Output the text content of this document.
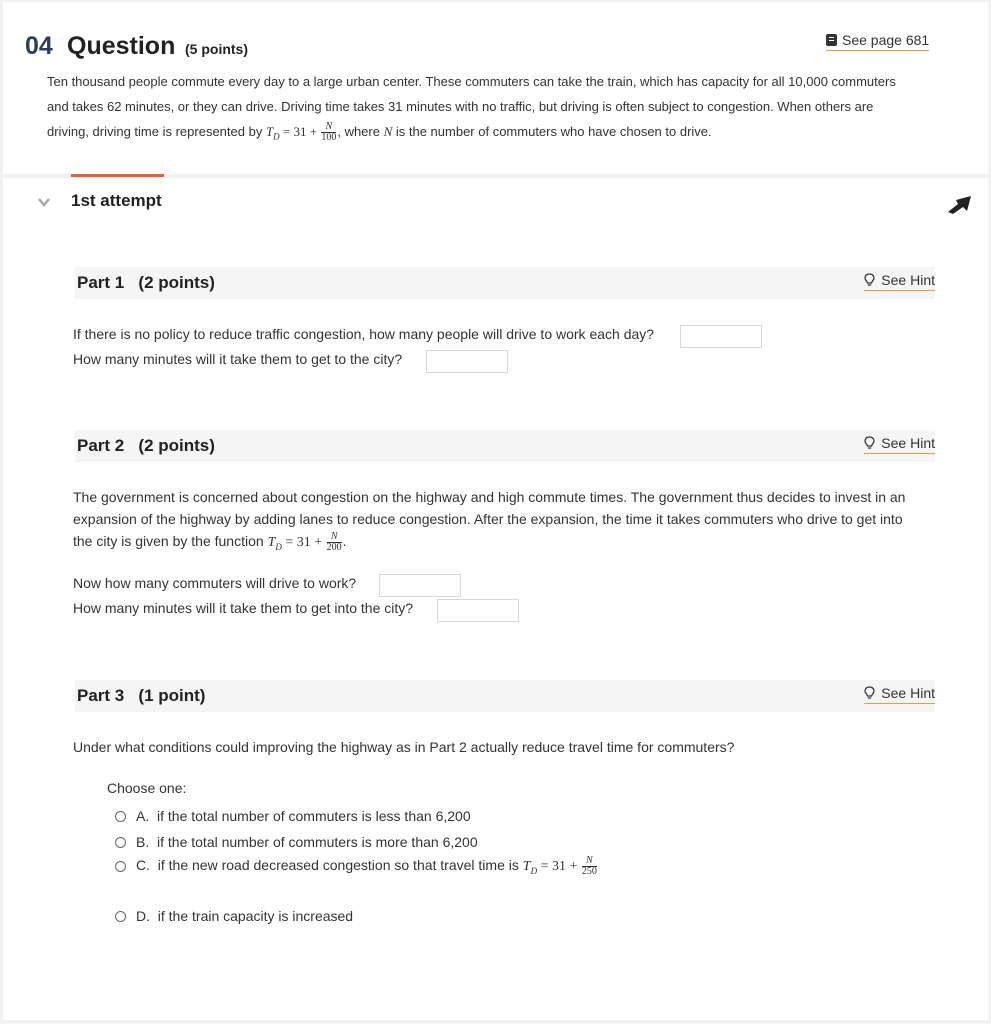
04 Question (5 points)
See page 681
Ten thousand people commute every day to a large urban center. These commuters can take the train, which has capacity for all 10,000 commuters
and takes 62 minutes, or they can drive. Driving time takes 31 minutes with no traffic, but driving is often subject to congestion. When others are
driving, driving time is represented by $T_D = 31 + \frac{N}{100}$ , where N is the number of commuters who have chosen to drive.
1st attempt
Part 1   (2 points)	See Hint
If there is no policy to reduce traffic congestion, how many people will drive to work each day?
How many minutes will it take them to get to the city?
Part 2   (2 points)	See Hint
The government is concerned about congestion on the highway and high commute times. The government thus decides to invest in an
expansion of the highway by adding lanes to reduce congestion. After the expansion, the time it takes commuters who drive to get into
the city is given by the function $T_D = 31 + \frac{N}{200}$ .
Now how many commuters will drive to work?
How many minutes will it take them to get into the city?
Part 3   (1 point)	See Hint
Under what conditions could improving the highway as in Part 2 actually reduce travel time for commuters?
Choose one:
A.  if the total number of commuters is less than 6,200
B.  if the total number of commuters is more than 6,200
C.  if the new road decreased congestion so that travel time is $T_D = 31 + \frac{N}{250}$
D.  if the train capacity is increased
